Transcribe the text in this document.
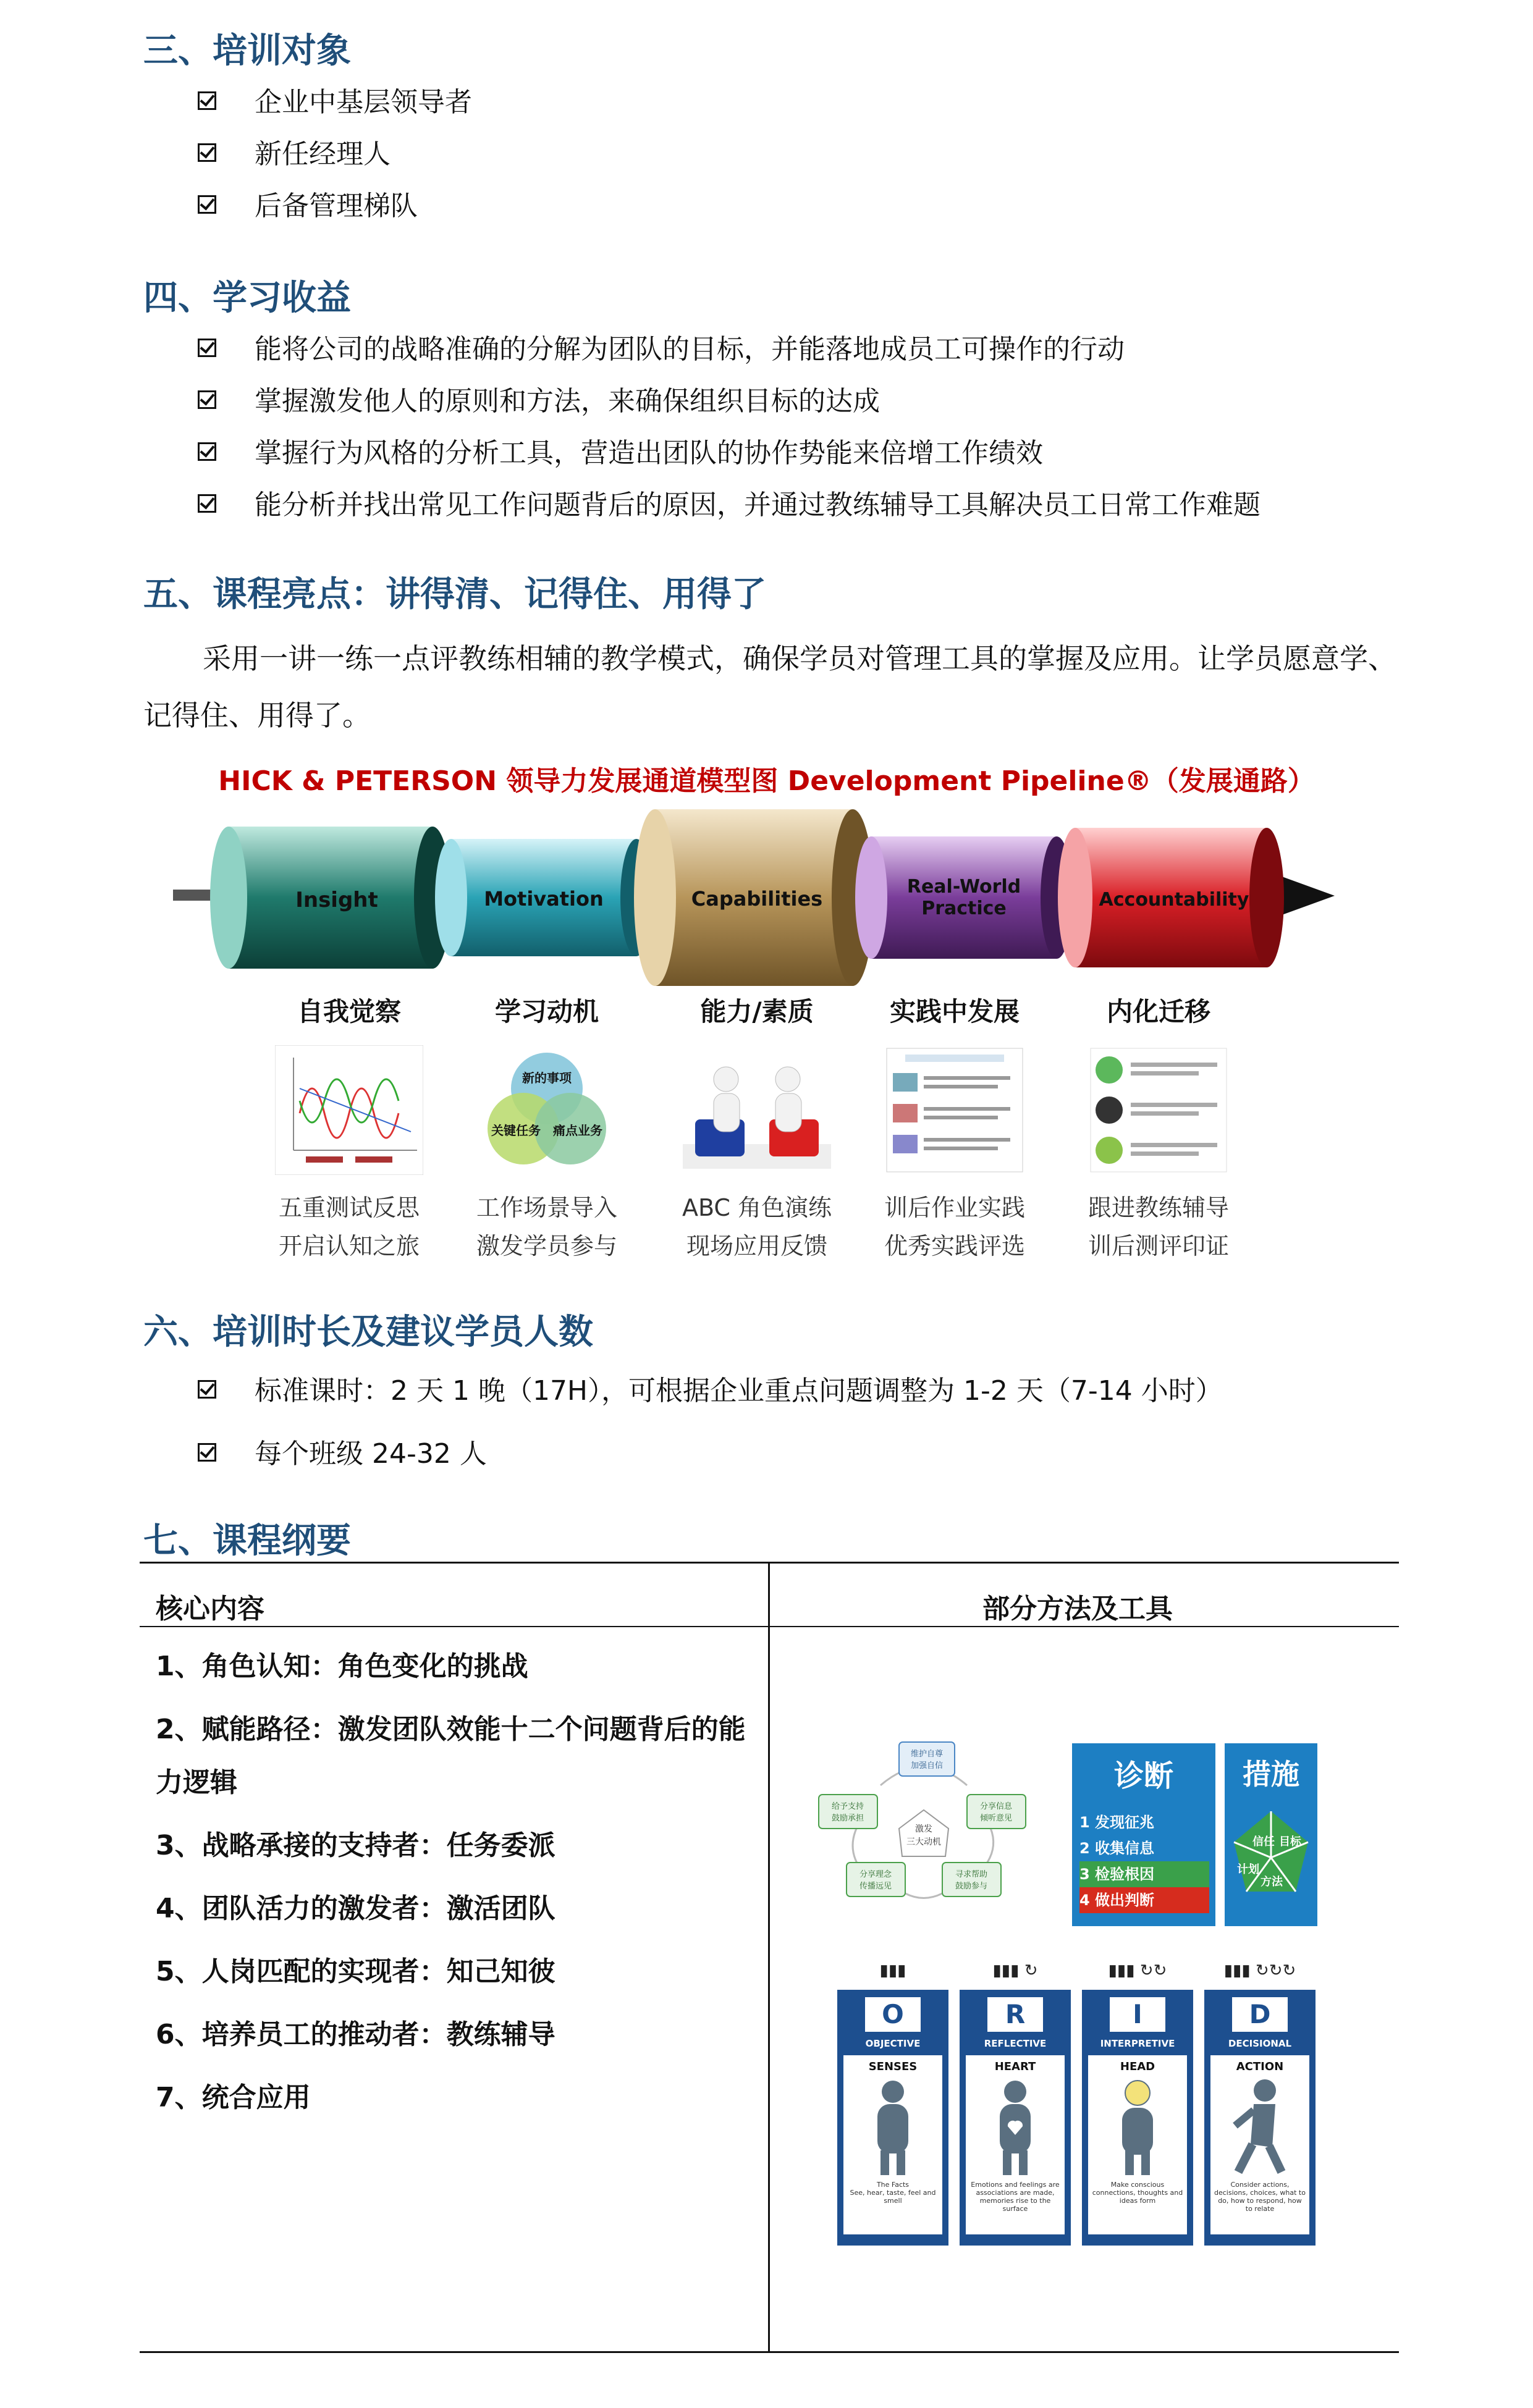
三、培训对象
企业中基层领导者
新任经理人
后备管理梯队
四、学习收益
能将公司的战略准确的分解为团队的目标，并能落地成员工可操作的行动
掌握激发他人的原则和方法，来确保组织目标的达成
掌握行为风格的分析工具，营造出团队的协作势能来倍增工作绩效
能分析并找出常见工作问题背后的原因，并通过教练辅导工具解决员工日常工作难题
五、课程亮点：讲得清、记得住、用得了

采用一讲一练一点评教练相辅的教学模式，确保学员对管理工具的掌握及应用。让学员愿意学、记得住、用得了。

HICK & PETERSON 领导力发展通道模型图 Development Pipeline®（发展通路）
Insight	Motivation	Capabilities
Real-World
Practice	Accountability
自我觉察
五重测试反思
开启认知之旅
学习动机
新的事项
关键任务 痛点业务
工作场景导入
激发学员参与
能力/素质
ABC 角色演练
现场应用反馈
实践中发展
训后作业实践
优秀实践评选
内化迁移
跟进教练辅导
训后测评印证
六、培训时长及建议学员人数
标准课时：2 天 1 晚（17H），可根据企业重点问题调整为 1-2 天（7-14 小时）
每个班级 24-32 人
七、课程纲要
核心内容	部分方法及工具
1、角色认知：角色变化的挑战
2、赋能路径：激发团队效能十二个问题背后的能力逻辑
3、战略承接的支持者：任务委派
4、团队活力的激发者：激活团队
5、人岗匹配的实现者：知己知彼
6、培养员工的推动者：教练辅导
7、统合应用
维护自尊
加强自信
分享信息
倾听意见
寻求帮助
鼓励参与
分享理念
传播远见
给予支持
鼓励承担
激发
三大动机
诊断
1 发现征兆
2 收集信息
3 检验根因
4 做出判断
措施
信任 目标
方法
计划
▮▮▮
O
OBJECTIVE
SENSES
The Facts
See, hear, taste, feel and smell
▮▮▮ ↻
R
REFLECTIVE
HEART
Emotions and feelings are associations are made, memories rise to the surface
▮▮▮ ↻↻
I
INTERPRETIVE
HEAD
Make conscious connections, thoughts and ideas form
▮▮▮ ↻↻↻
D
DECISIONAL
ACTION
Consider actions, decisions, choices, what to do, how to respond, how to relate
